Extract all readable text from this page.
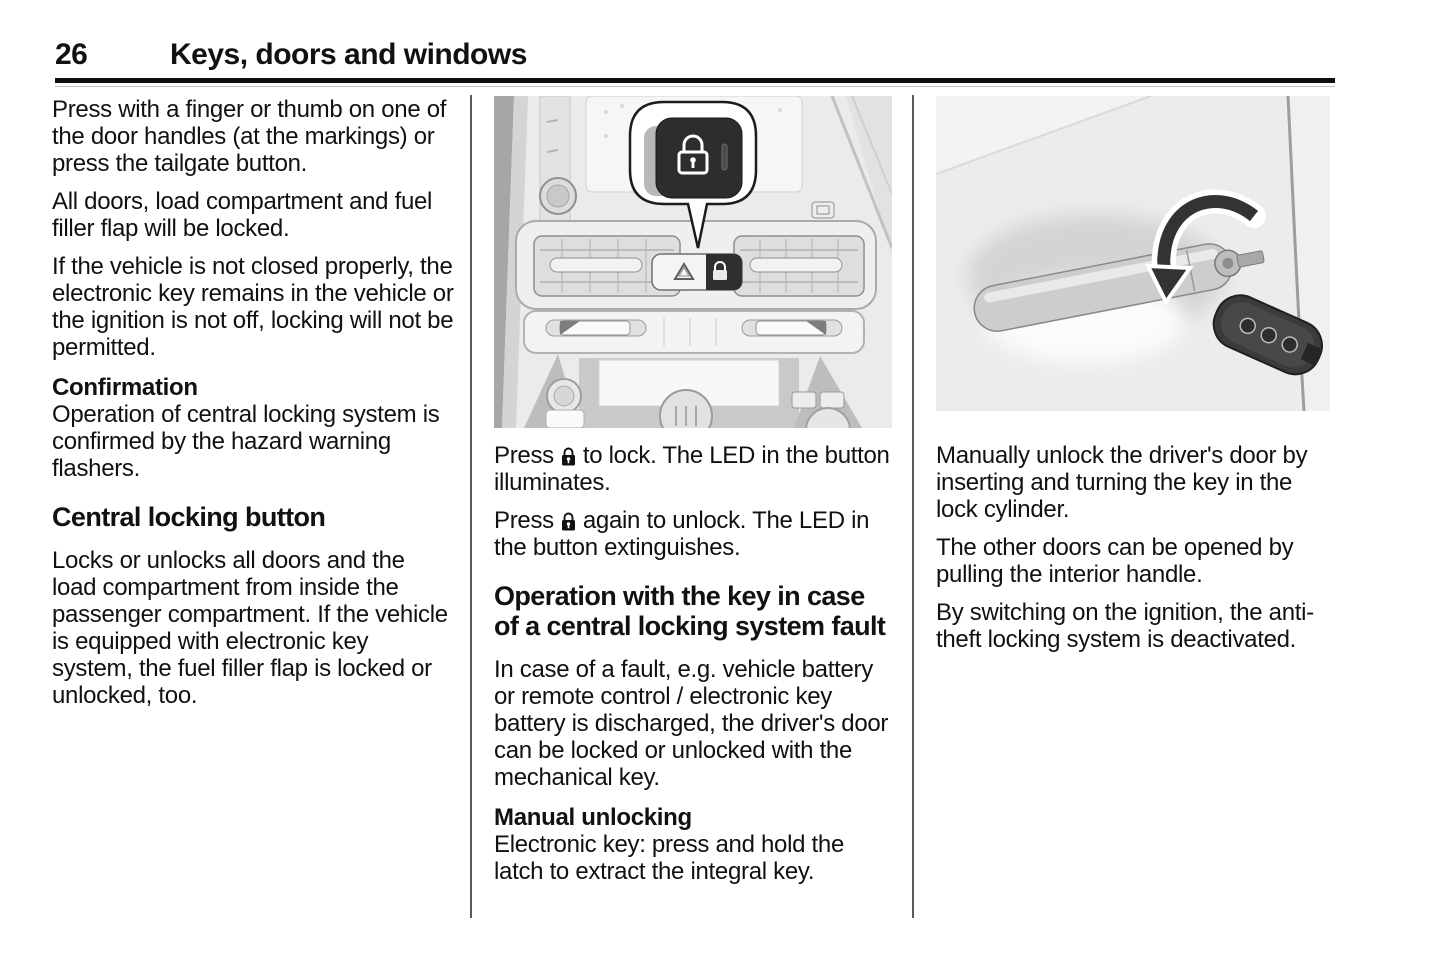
26	Keys, doors and windows

Press with a finger or thumb on one of the door handles (at the markings) or press the tailgate button.

All doors, load compartment and fuel filler flap will be locked.

If the vehicle is not closed properly, the electronic key remains in the vehicle or the ignition is not off, locking will not be permitted.

Confirmation

Operation of central locking system is confirmed by the hazard warning flashers.

Central locking button

Locks or unlocks all doors and the load compartment from inside the passenger compartment. If the vehicle is equipped with electronic key system, the fuel filler flap is locked or unlocked, too.

Press to lock. The LED in the button illuminates.

Press again to unlock. The LED in the button extinguishes.

Operation with the key in case of a central locking system fault

In case of a fault, e.g. vehicle battery or remote control / electronic key battery is discharged, the driver's door can be locked or unlocked with the mechanical key.

Manual unlocking

Electronic key: press and hold the latch to extract the integral key.

Manually unlock the driver's door by inserting and turning the key in the lock cylinder.

The other doors can be opened by pulling the interior handle.

By switching on the ignition, the anti-theft locking system is deactivated.
